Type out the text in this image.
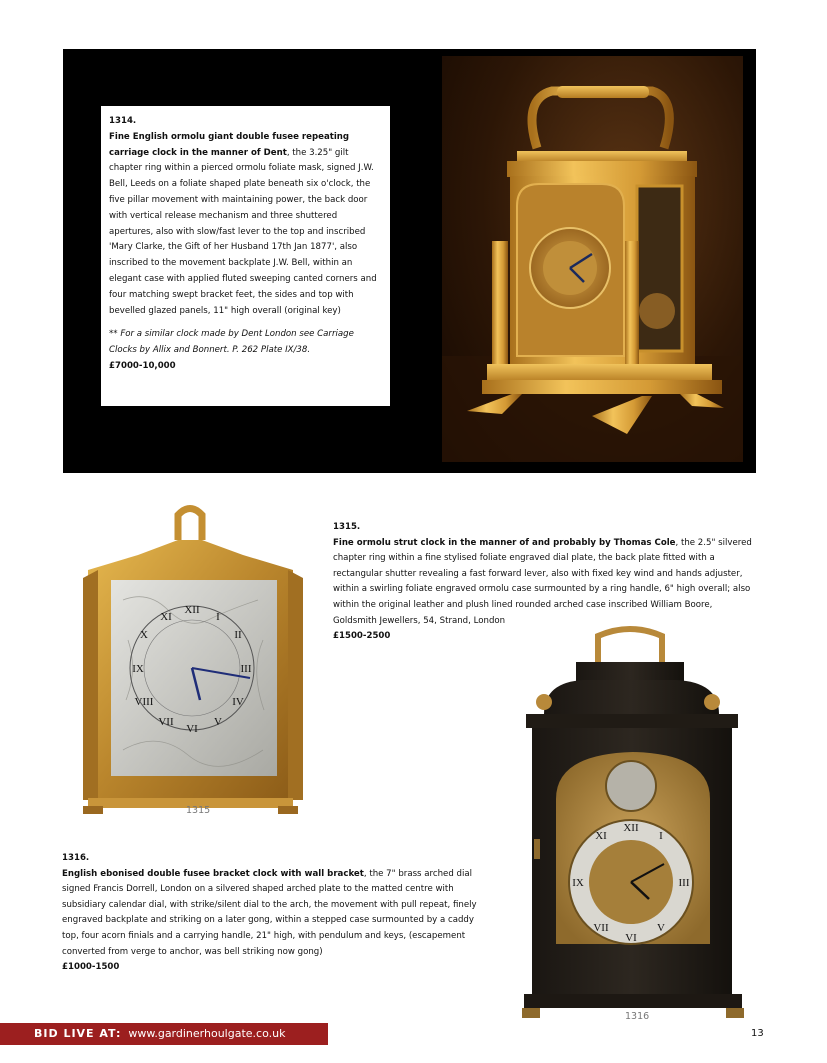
1314.
Fine English ormolu giant double fusee repeating carriage clock in the manner of Dent, the 3.25" gilt chapter ring within a pierced ormolu foliate mask, signed J.W. Bell, Leeds on a foliate shaped plate beneath six o'clock, the five pillar movement with maintaining power, the back door with vertical release mechanism and three shuttered apertures, also with slow/fast lever to the top and inscribed 'Mary Clarke, the Gift of her Husband 17th Jan 1877', also inscribed to the movement backplate J.W. Bell, within an elegant case with applied fluted sweeping canted corners and four matching swept bracket feet, the sides and top with bevelled glazed panels, 11" high overall (original key)
** For a similar clock made by Dent London see Carriage Clocks by Allix and Bonnert. P. 262 Plate IX/38.
£7000-10,000
XII
I
II
III
IV
V
VI
VII
VIII
IX
X
XI
1315
1315.
Fine ormolu strut clock in the manner of and probably by Thomas Cole, the 2.5" silvered chapter ring within a fine stylised foliate engraved dial plate, the back plate fitted with a rectangular shutter revealing a fast forward lever, also with fixed key wind and hands adjuster, within a swirling foliate engraved ormolu case surmounted by a ring handle, 6" high overall; also within the original leather and plush lined rounded arched case inscribed William Boore, Goldsmith Jewellers, 54, Strand, London
£1500-2500
XII
III
VI
IX
I
XI
V
VII
1316
1316.
English ebonised double fusee bracket clock with wall bracket, the 7" brass arched dial signed Francis Dorrell, London on a silvered shaped arched plate to the matted centre with subsidiary calendar dial, with strike/silent dial to the arch, the movement with pull repeat, finely engraved backplate and striking on a later gong, within a stepped case surmounted by a caddy top, four acorn finials and a carrying handle, 21" high, with pendulum and keys, (escapement converted from verge to anchor, was bell striking now gong)
£1000-1500
BID LIVE AT: www.gardinerhoulgate.co.uk	13
